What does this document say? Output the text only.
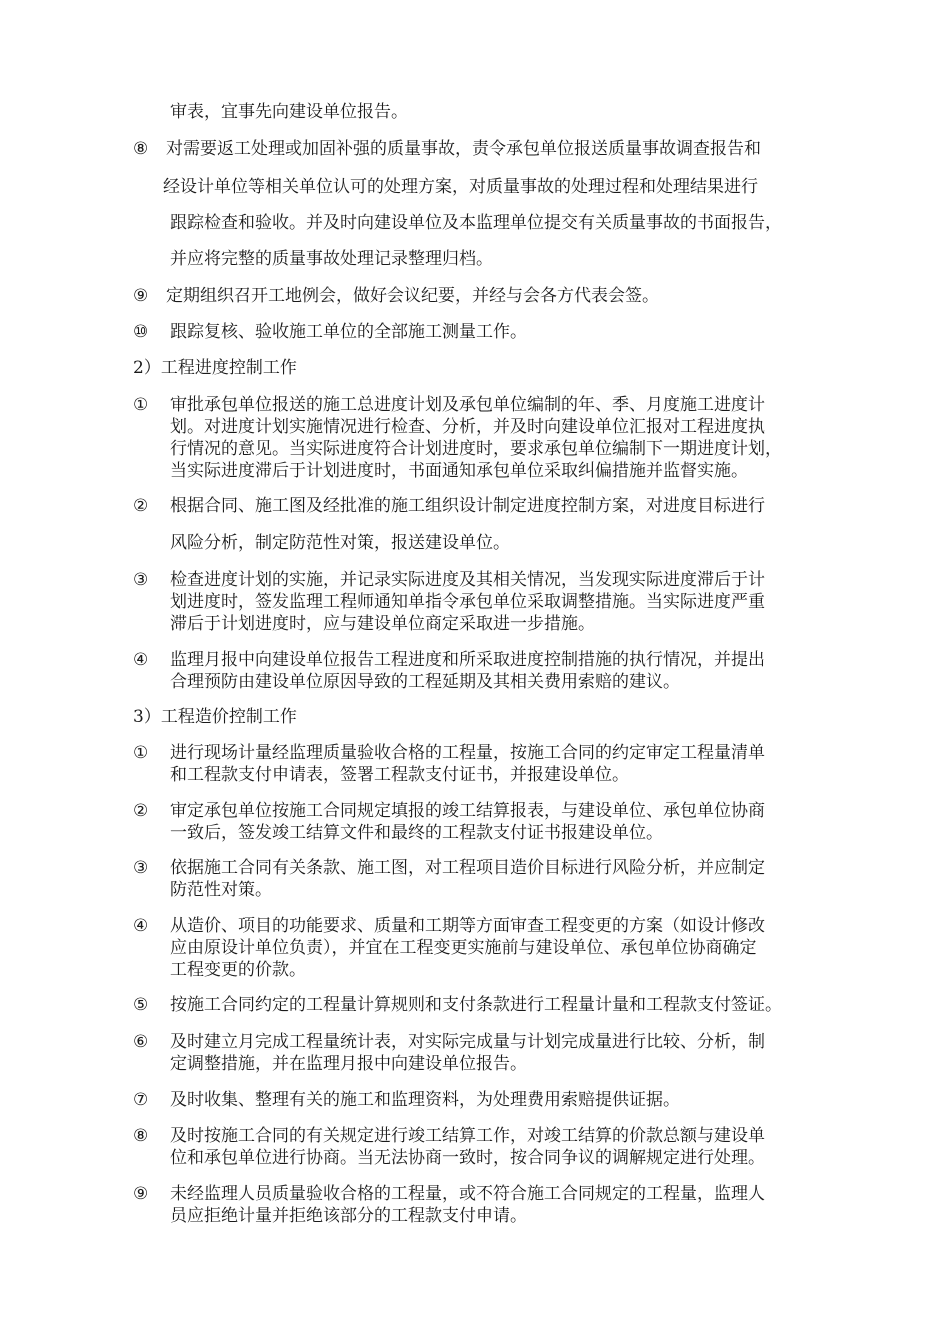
审表，宜事先向建设单位报告。
⑧ 对需要返工处理或加固补强的质量事故，责令承包单位报送质量事故调查报告和
经设计单位等相关单位认可的处理方案，对质量事故的处理过程和处理结果进行
跟踪检查和验收。并及时向建设单位及本监理单位提交有关质量事故的书面报告，
并应将完整的质量事故处理记录整理归档。
⑨ 定期组织召开工地例会，做好会议纪要，并经与会各方代表会签。
⑩ 跟踪复核、验收施工单位的全部施工测量工作。
2）工程进度控制工作
① 审批承包单位报送的施工总进度计划及承包单位编制的年、季、月度施工进度计
划。对进度计划实施情况进行检查、分析，并及时向建设单位汇报对工程进度执
行情况的意见。当实际进度符合计划进度时，要求承包单位编制下一期进度计划，
当实际进度滞后于计划进度时，书面通知承包单位采取纠偏措施并监督实施。
② 根据合同、施工图及经批准的施工组织设计制定进度控制方案，对进度目标进行
风险分析，制定防范性对策，报送建设单位。
③ 检查进度计划的实施，并记录实际进度及其相关情况，当发现实际进度滞后于计
划进度时，签发监理工程师通知单指令承包单位采取调整措施。当实际进度严重
滞后于计划进度时，应与建设单位商定采取进一步措施。
④ 监理月报中向建设单位报告工程进度和所采取进度控制措施的执行情况，并提出
合理预防由建设单位原因导致的工程延期及其相关费用索赔的建议。
3）工程造价控制工作
① 进行现场计量经监理质量验收合格的工程量，按施工合同的约定审定工程量清单
和工程款支付申请表，签署工程款支付证书，并报建设单位。
② 审定承包单位按施工合同规定填报的竣工结算报表，与建设单位、承包单位协商
一致后，签发竣工结算文件和最终的工程款支付证书报建设单位。
③ 依据施工合同有关条款、施工图，对工程项目造价目标进行风险分析，并应制定
防范性对策。
④ 从造价、项目的功能要求、质量和工期等方面审查工程变更的方案（如设计修改
应由原设计单位负责），并宜在工程变更实施前与建设单位、承包单位协商确定
工程变更的价款。
⑤ 按施工合同约定的工程量计算规则和支付条款进行工程量计量和工程款支付签证。
⑥ 及时建立月完成工程量统计表，对实际完成量与计划完成量进行比较、分析，制
定调整措施，并在监理月报中向建设单位报告。
⑦ 及时收集、整理有关的施工和监理资料，为处理费用索赔提供证据。
⑧ 及时按施工合同的有关规定进行竣工结算工作，对竣工结算的价款总额与建设单
位和承包单位进行协商。当无法协商一致时，按合同争议的调解规定进行处理。
⑨ 未经监理人员质量验收合格的工程量，或不符合施工合同规定的工程量，监理人
员应拒绝计量并拒绝该部分的工程款支付申请。
